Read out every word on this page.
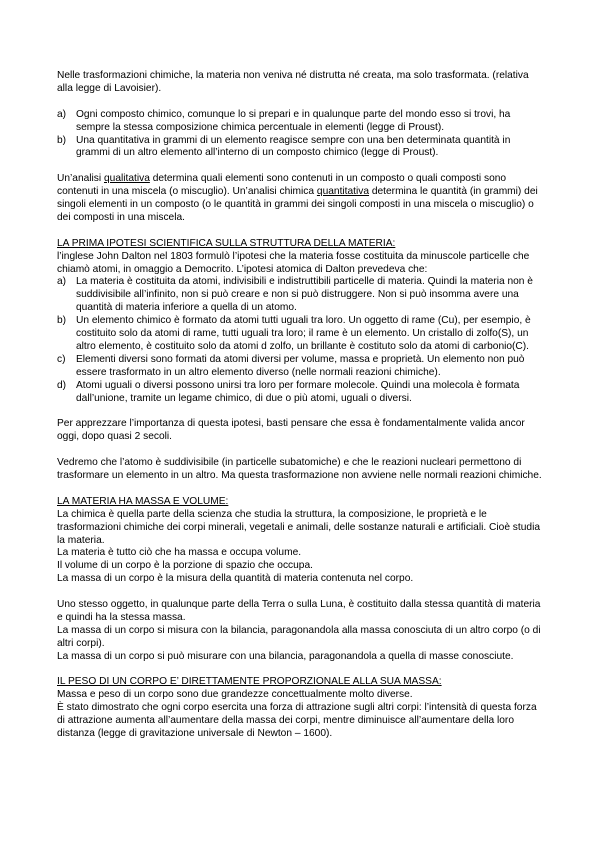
Nelle trasformazioni chimiche, la materia non veniva né distrutta né creata, ma solo trasformata. (relativa alla legge di Lavoisier).

a) Ogni composto chimico, comunque lo si prepari e in qualunque parte del mondo esso si trovi, ha sempre la stessa composizione chimica percentuale in elementi (legge di Proust).
b) Una quantitativa in grammi di un elemento reagisce sempre con una ben determinata quantità in grammi di un altro elemento all’interno di un composto chimico (legge di Proust).

Un’analisi qualitativa determina quali elementi sono contenuti in un composto o quali composti sono contenuti in una miscela (o miscuglio). Un’analisi chimica quantitativa determina le quantità (in grammi) dei singoli elementi in un composto (o le quantità in grammi dei singoli composti in una miscela o miscuglio) o dei composti in una miscela.

LA PRIMA IPOTESI SCIENTIFICA SULLA STRUTTURA DELLA MATERIA:

l’inglese John Dalton nel 1803 formulò l’ipotesi che la materia fosse costituita da minuscole particelle che chiamò atomi, in omaggio a Democrito. L’ipotesi atomica di Dalton prevedeva che:

a) La materia è costituita da atomi, indivisibili e indistruttibili particelle di materia. Quindi la materia non è suddivisibile all’infinito, non si può creare e non si può distruggere. Non si può insomma avere una quantità di materia inferiore a quella di un atomo.
b) Un elemento chimico è formato da atomi tutti uguali tra loro. Un oggetto di rame (Cu), per esempio, è costituito solo da atomi di rame, tutti uguali tra loro; il rame è un elemento. Un cristallo di zolfo(S), un altro elemento, è costituito solo da atomi d zolfo, un brillante è costituto solo da atomi di carbonio(C).
c)	Elementi diversi sono formati da atomi diversi per volume, massa e proprietà. Un elemento non può essere trasformato in un altro elemento diverso (nelle normali reazioni chimiche).
d) Atomi uguali o diversi possono unirsi tra loro per formare molecole. Quindi una molecola è formata dall’unione, tramite un legame chimico, di due o più atomi, uguali o diversi.

Per apprezzare l’importanza di questa ipotesi, basti pensare che essa è fondamentalmente valida ancor oggi, dopo quasi 2 secoli.

Vedremo che l’atomo è suddivisibile (in particelle subatomiche) e che le reazioni nucleari permettono di trasformare un elemento in un altro. Ma questa trasformazione non avviene nelle normali reazioni chimiche.

LA MATERIA HA MASSA E VOLUME:

La chimica è quella parte della scienza che studia la struttura, la composizione, le proprietà e le trasformazioni chimiche dei corpi minerali, vegetali e animali, delle sostanze naturali e artificiali. Cioè studia la materia.

La materia è tutto ciò che ha massa e occupa volume.

Il volume di un corpo è la porzione di spazio che occupa.

La massa di un corpo è la misura della quantità di materia contenuta nel corpo.

Uno stesso oggetto, in qualunque parte della Terra o sulla Luna, è costituito dalla stessa quantità di materia e quindi ha la stessa massa.

La massa di un corpo si misura con la bilancia, paragonandola alla massa conosciuta di un altro corpo (o di altri corpi).

La massa di un corpo si può misurare con una bilancia, paragonandola a quella di masse conosciute.

IL PESO DI UN CORPO E’ DIRETTAMENTE PROPORZIONALE ALLA SUA MASSA:

Massa e peso di un corpo sono due grandezze concettualmente molto diverse.

È stato dimostrato che ogni corpo esercita una forza di attrazione sugli altri corpi: l’intensità di questa forza di attrazione aumenta all’aumentare della massa dei corpi, mentre diminuisce all’aumentare della loro distanza (legge di gravitazione universale di Newton – 1600).
